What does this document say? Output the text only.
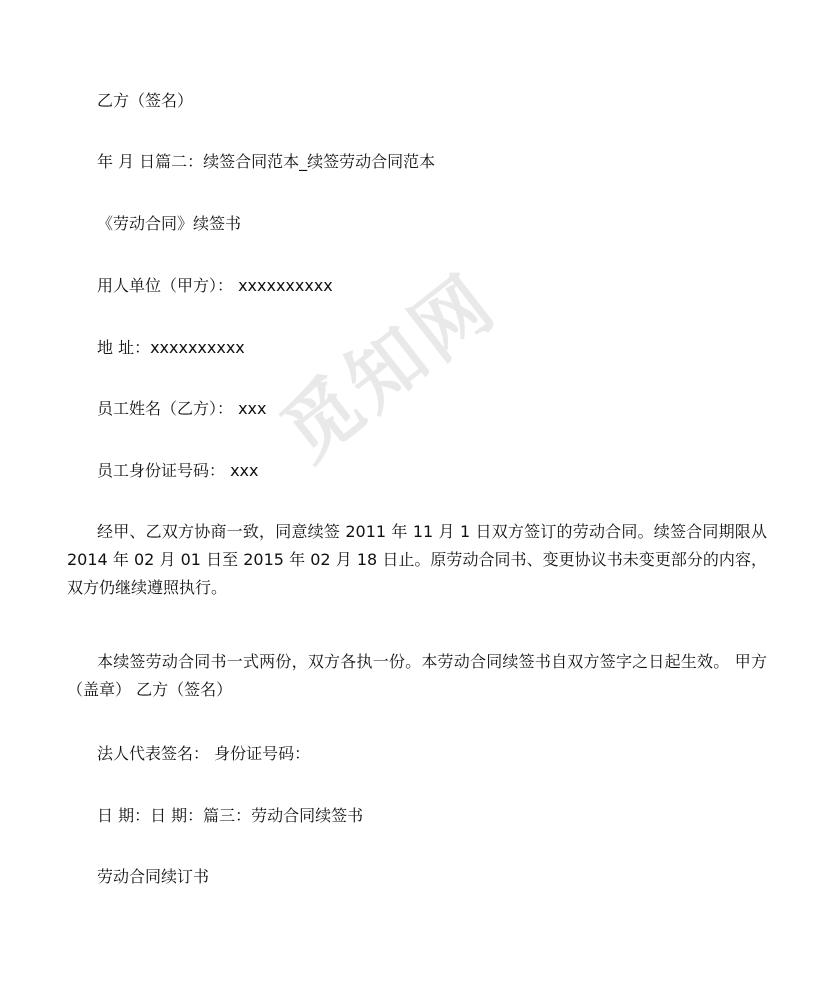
觅知网
乙方（签名）
年 月 日篇二：续签合同范本_续签劳动合同范本
《劳动合同》续签书
用人单位（甲方）： xxxxxxxxxx
地 址：xxxxxxxxxx
员工姓名（乙方）： xxx
员工身份证号码： xxx
经甲、乙双方协商一致，同意续签 2011 年 11 月 1 日双方签订的劳动合同。续签合同期限从 2014 年 02 月 01 日至 2015 年 02 月 18 日止。原劳动合同书、变更协议书未变更部分的内容，双方仍继续遵照执行。
本续签劳动合同书一式两份，双方各执一份。本劳动合同续签书自双方签字之日起生效。 甲方（盖章） 乙方（签名）
法人代表签名： 身份证号码：
日 期：日 期：篇三：劳动合同续签书
劳动合同续订书
